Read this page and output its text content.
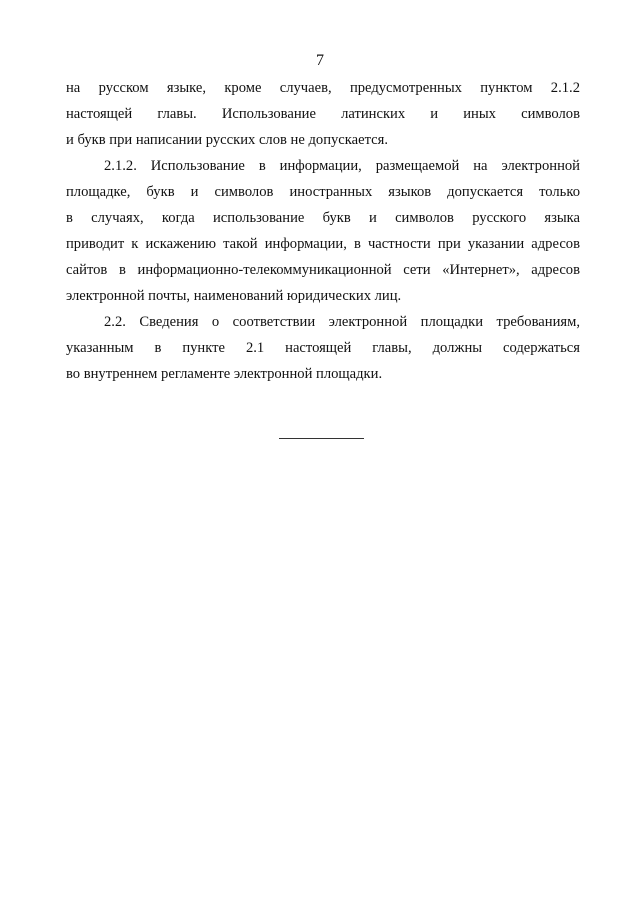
7

на русском языке, кроме случаев, предусмотренных пунктом 2.1.2
настоящей главы. Использование латинских и иных символов
и букв при написании русских слов не допускается.

2.1.2. Использование в информации, размещаемой на электронной
площадке, букв и символов иностранных языков допускается только
в случаях, когда использование букв и символов русского языка
приводит к искажению такой информации, в частности при указании адресов
сайтов в информационно-телекоммуникационной сети «Интернет», адресов
электронной почты, наименований юридических лиц.

2.2. Сведения о соответствии электронной площадки требованиям,
указанным в пункте 2.1 настоящей главы, должны содержаться
во внутреннем регламенте электронной площадки.
